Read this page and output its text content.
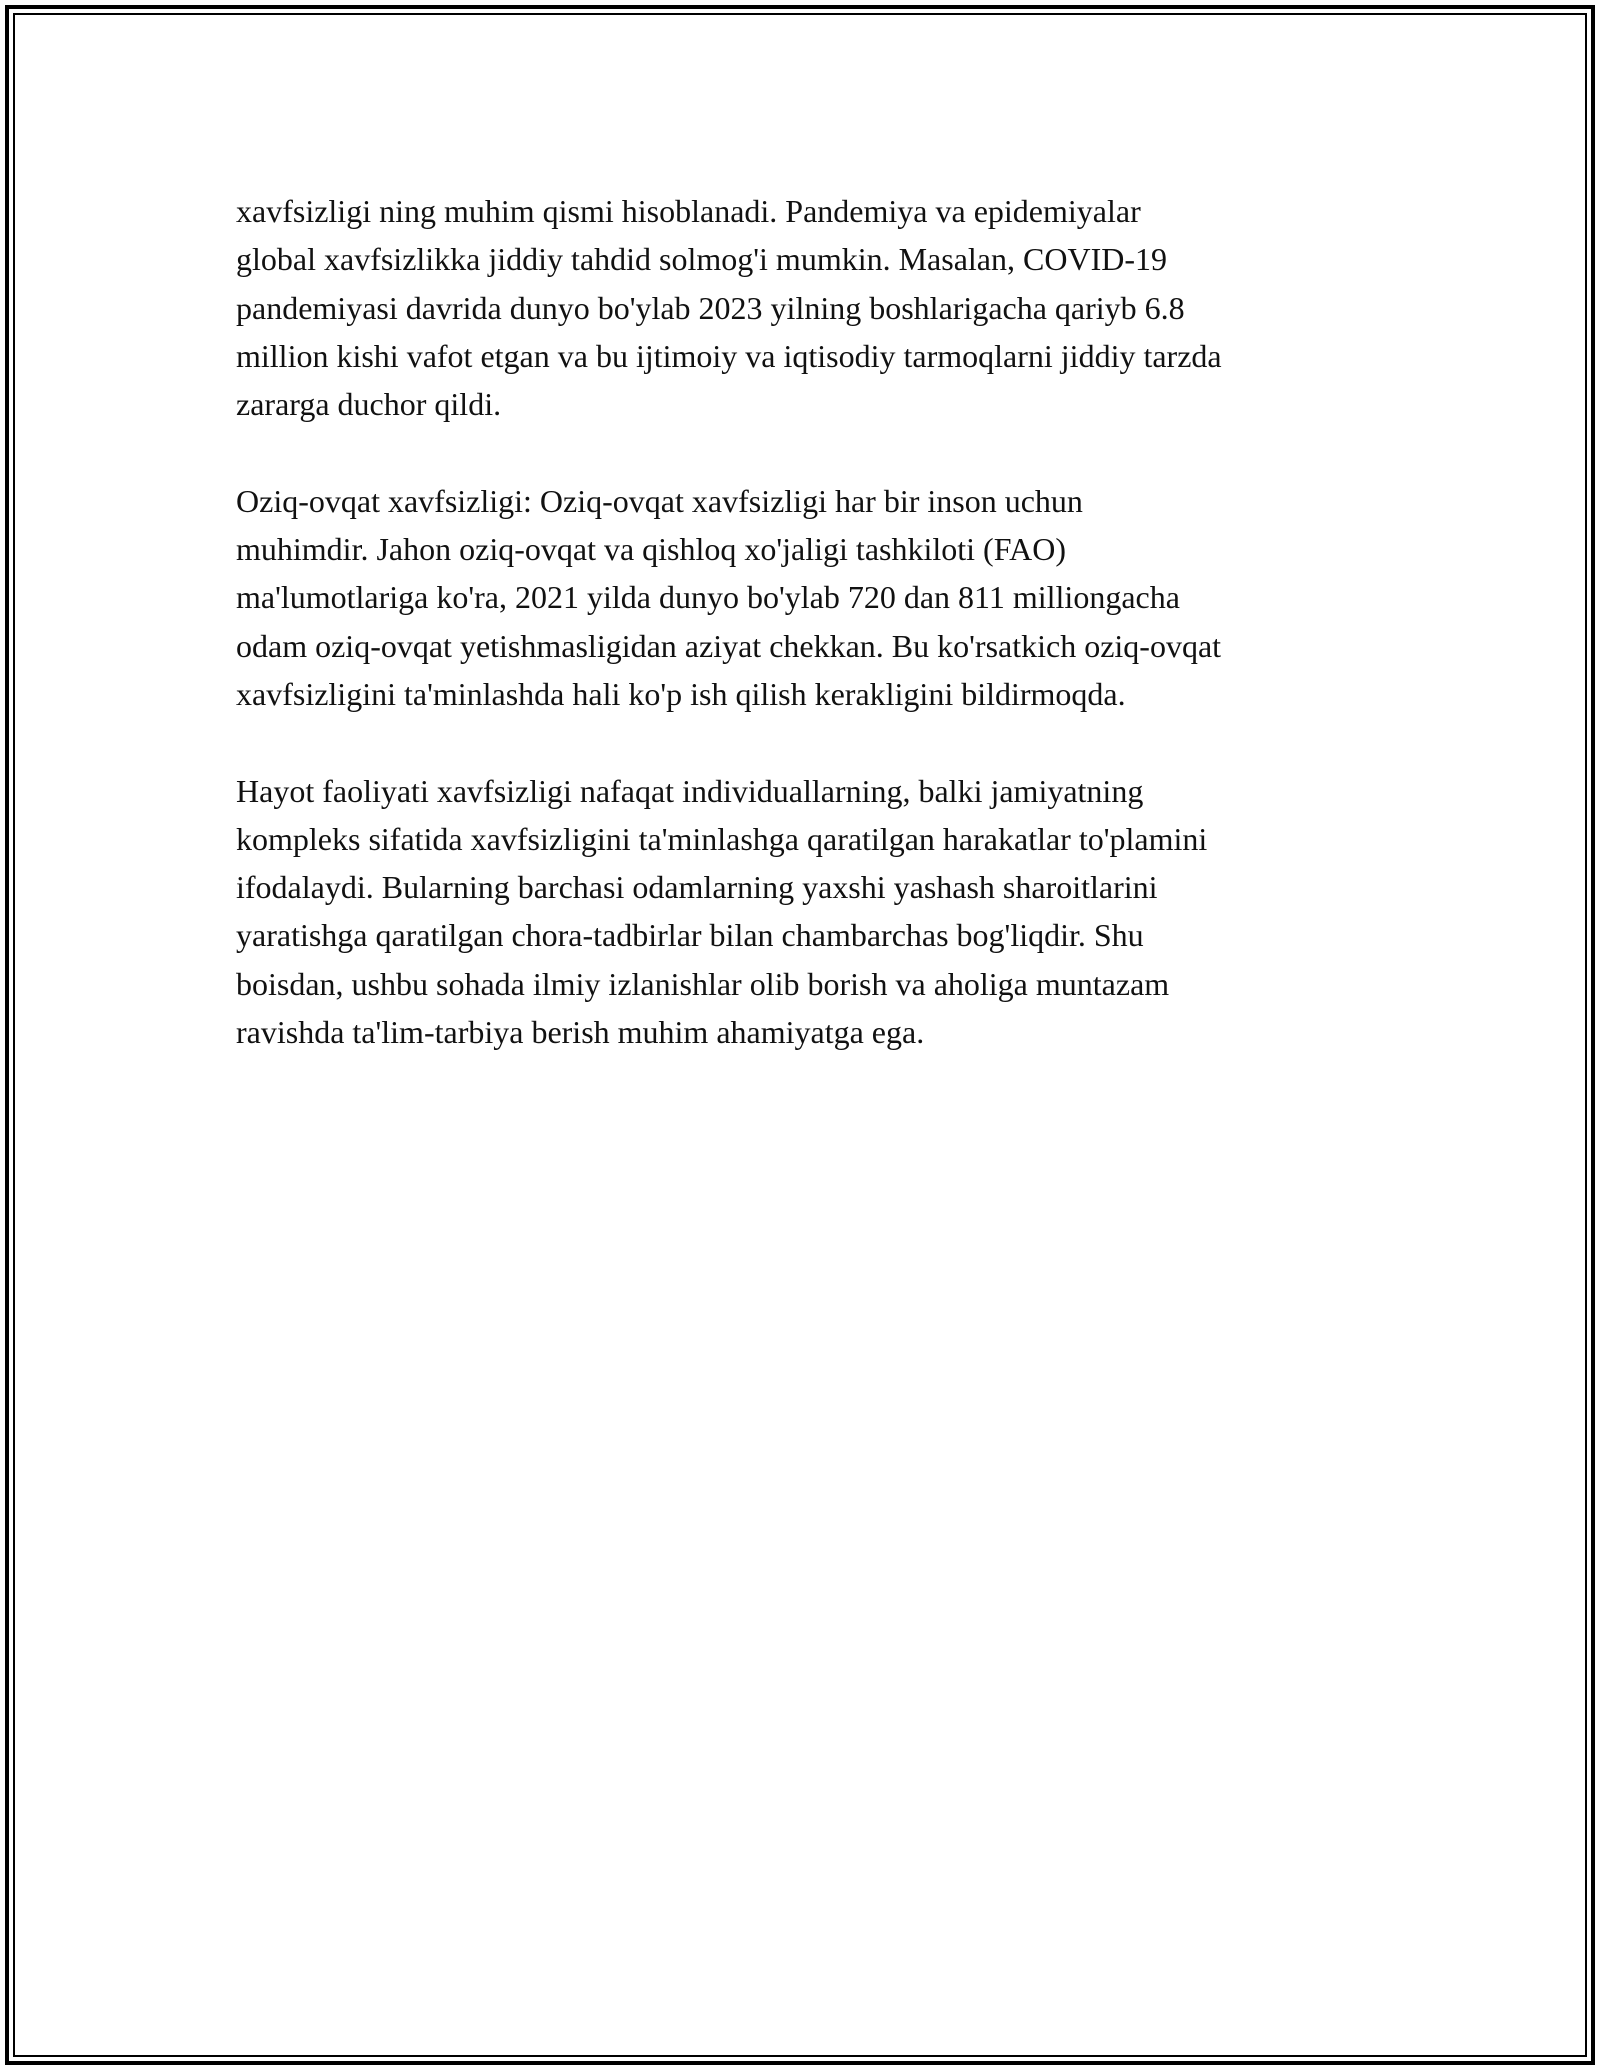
xavfsizligi ning muhim qismi hisoblanadi. Pandemiya va epidemiyalar
global xavfsizlikka jiddiy tahdid solmog'i mumkin. Masalan, COVID-19
pandemiyasi davrida dunyo bo'ylab 2023 yilning boshlarigacha qariyb 6.8
million kishi vafot etgan va bu ijtimoiy va iqtisodiy tarmoqlarni jiddiy tarzda
zararga duchor qildi.

Oziq-ovqat xavfsizligi: Oziq-ovqat xavfsizligi har bir inson uchun
muhimdir. Jahon oziq-ovqat va qishloq xo'jaligi tashkiloti (FAO)
ma'lumotlariga ko'ra, 2021 yilda dunyo bo'ylab 720 dan 811 milliongacha
odam oziq-ovqat yetishmasligidan aziyat chekkan. Bu ko'rsatkich oziq-ovqat
xavfsizligini ta'minlashda hali ko'p ish qilish kerakligini bildirmoqda.

Hayot faoliyati xavfsizligi nafaqat individuallarning, balki jamiyatning
kompleks sifatida xavfsizligini ta'minlashga qaratilgan harakatlar to'plamini
ifodalaydi. Bularning barchasi odamlarning yaxshi yashash sharoitlarini
yaratishga qaratilgan chora-tadbirlar bilan chambarchas bog'liqdir. Shu
boisdan, ushbu sohada ilmiy izlanishlar olib borish va aholiga muntazam
ravishda ta'lim-tarbiya berish muhim ahamiyatga ega.
